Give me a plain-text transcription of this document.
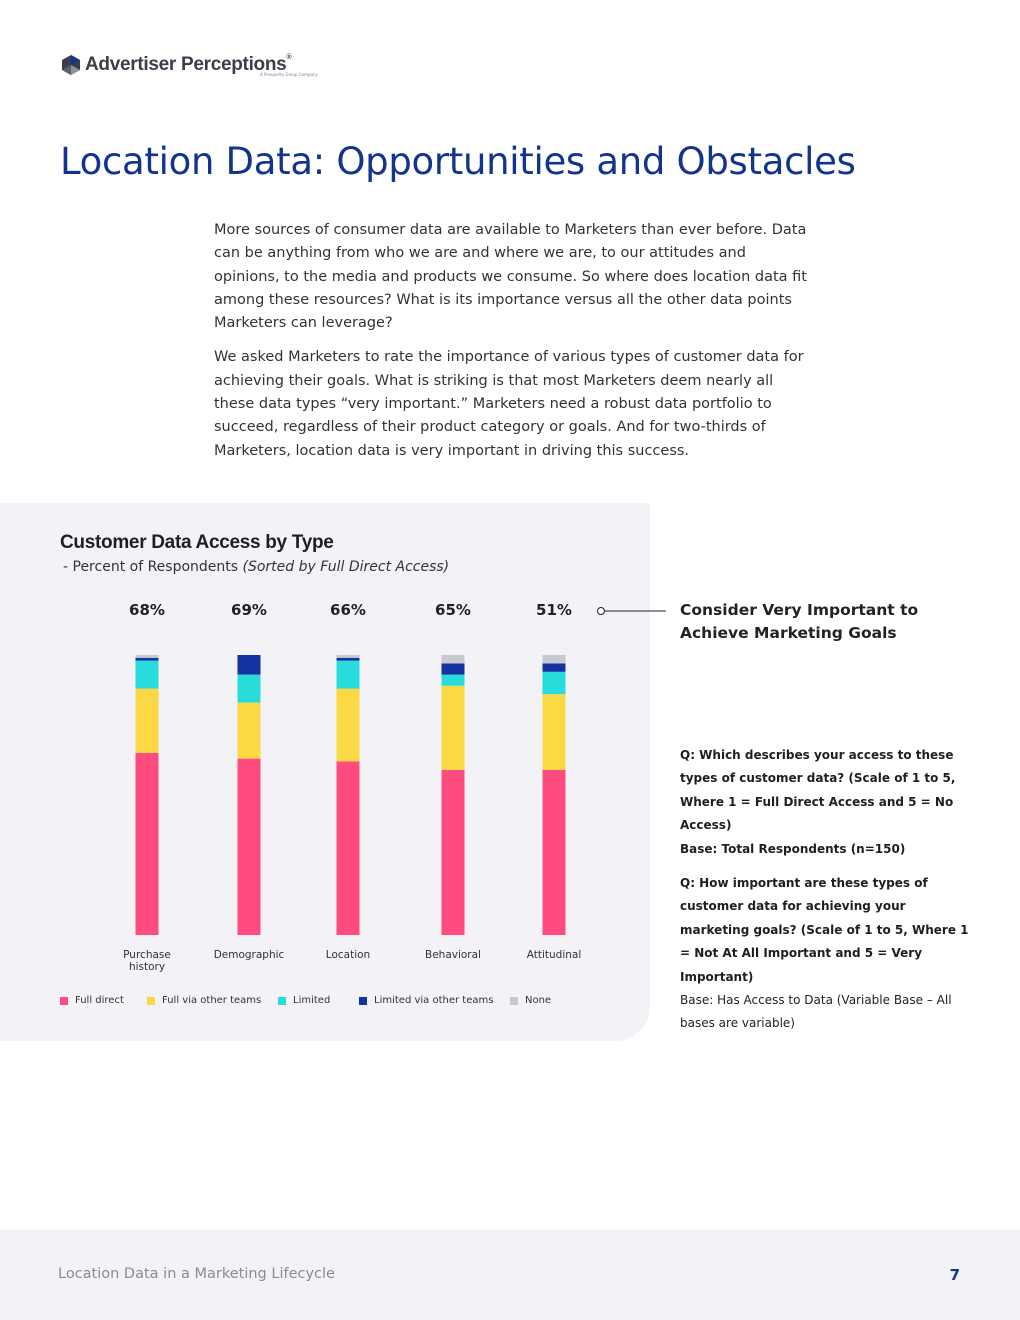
Advertiser Perceptions®
A Prosperity Group Company
Location Data: Opportunities and Obstacles

More sources of consumer data are available to Marketers than ever before. Data can be anything from who we are and where we are, to our attitudes and opinions, to the media and products we consume. So where does location data fit among these resources? What is its importance versus all the other data points Marketers can leverage?

We asked Marketers to rate the importance of various types of customer data for achieving their goals. What is striking is that most Marketers deem nearly all these data types “very important.” Marketers need a robust data portfolio to succeed, regardless of their product category or goals. And for two-thirds of Marketers, location data is very important in driving this success.

Customer Data Access by Type
- Percent of Respondents (Sorted by Full Direct Access)
68%
Purchase
history
69%
Demographic
66%
Location
65%
Behavioral
51%
Attitudinal
Full direct	Full via other teams	Limited	Limited via other teams	None
Consider Very Important to Achieve Marketing Goals

Q: Which describes your access to these types of customer data? (Scale of 1 to 5, Where 1 = Full Direct Access and 5 = No Access)

Base: Total Respondents (n=150)

Q: How important are these types of customer data for achieving your marketing goals? (Scale of 1 to 5, Where 1 = Not At All Important and 5 = Very Important)

Base: Has Access to Data (Variable Base – All bases are variable)

Location Data in a Marketing Lifecycle	7
